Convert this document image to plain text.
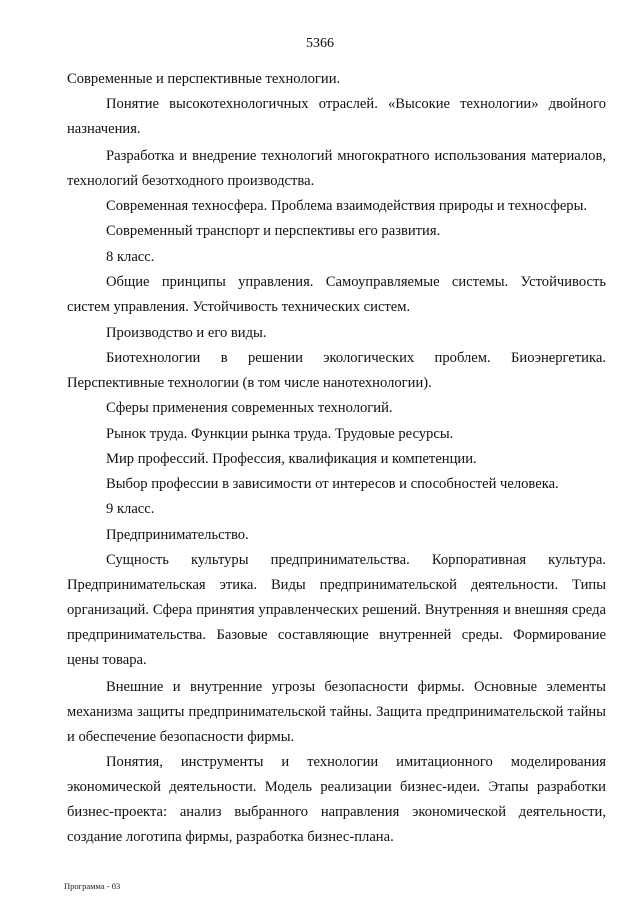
5366

Современные и перспективные технологии.

Понятие высокотехнологичных отраслей. «Высокие технологии» двойного назначения.

Разработка и внедрение технологий многократного использования материалов, технологий безотходного производства.

Современная техносфера. Проблема взаимодействия природы и техносферы.

Современный транспорт и перспективы его развития.

8 класс.

Общие принципы управления. Самоуправляемые системы. Устойчивость систем управления. Устойчивость технических систем.

Производство и его виды.

Биотехнологии в решении экологических проблем. Биоэнергетика. Перспективные технологии (в том числе нанотехнологии).

Сферы применения современных технологий.

Рынок труда. Функции рынка труда. Трудовые ресурсы.

Мир профессий. Профессия, квалификация и компетенции.

Выбор профессии в зависимости от интересов и способностей человека.

9 класс.

Предпринимательство.

Сущность культуры предпринимательства. Корпоративная культура. Предпринимательская этика. Виды предпринимательской деятельности. Типы организаций. Сфера принятия управленческих решений. Внутренняя и внешняя среда предпринимательства. Базовые составляющие внутренней среды. Формирование цены товара.

Внешние и внутренние угрозы безопасности фирмы. Основные элементы механизма защиты предпринимательской тайны. Защита предпринимательской тайны и обеспечение безопасности фирмы.

Понятия, инструменты и технологии имитационного моделирования экономической деятельности. Модель реализации бизнес-идеи. Этапы разработки бизнес-проекта: анализ выбранного направления экономической деятельности, создание логотипа фирмы, разработка бизнес-плана.

Программа - 03
